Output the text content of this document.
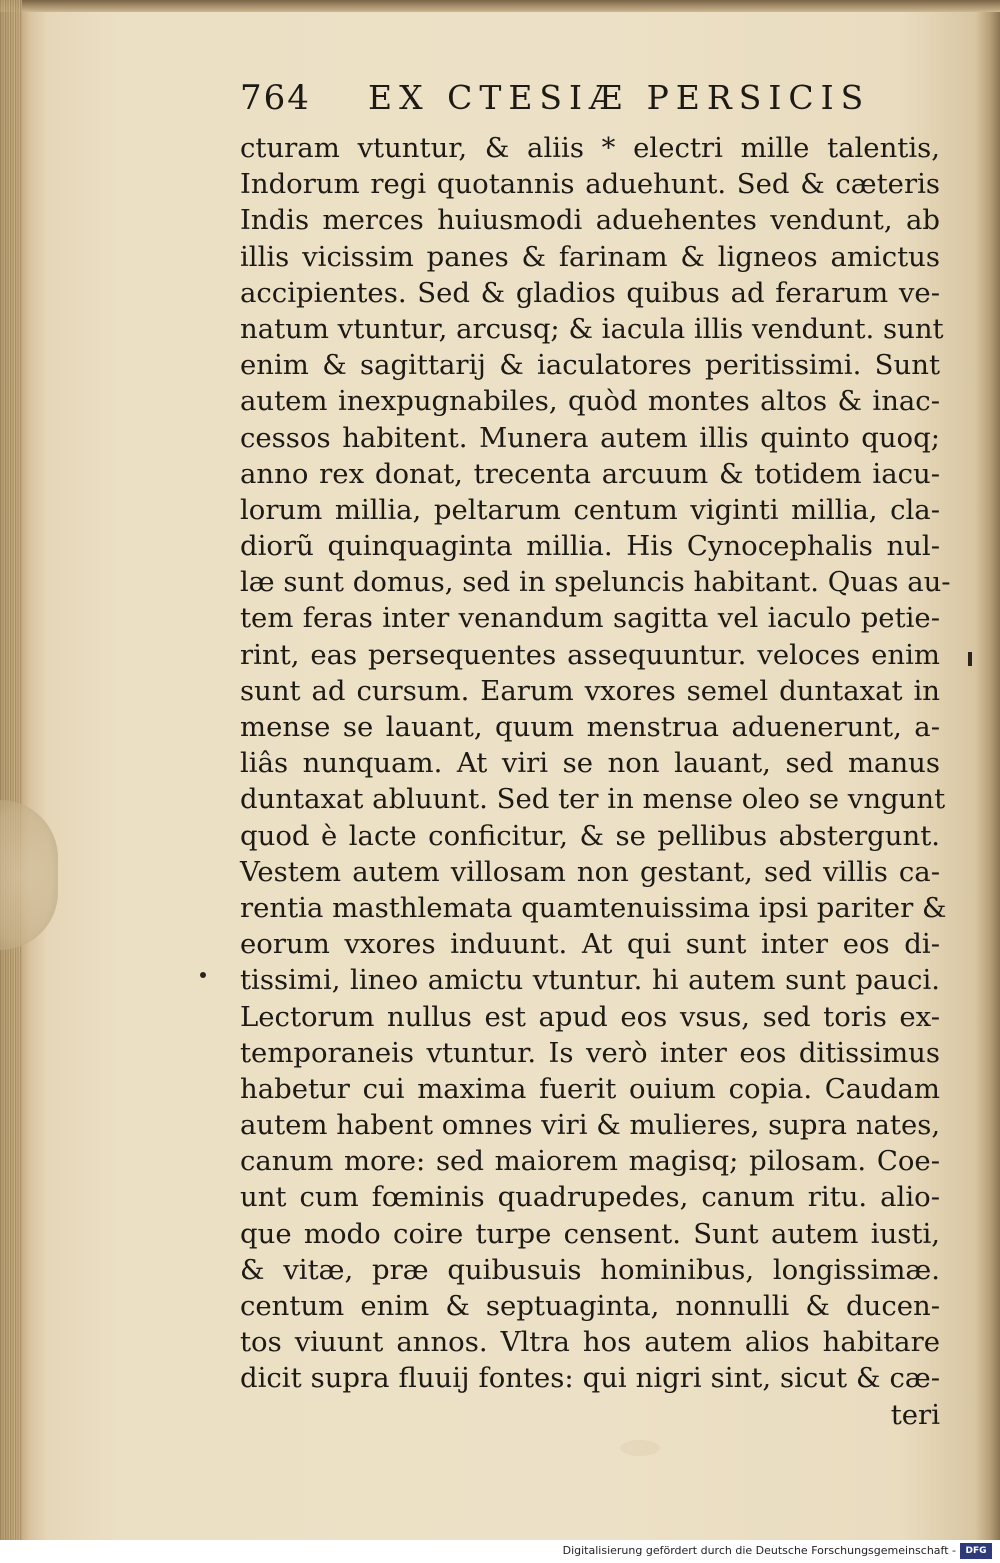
764 EX CTESIÆ PERSICIS
cturam vtuntur, & aliis * electri mille talentis,
Indorum regi quotannis aduehunt. Sed & cæteris
Indis merces huiusmodi aduehentes vendunt, ab
illis vicissim panes & farinam & ligneos amictus
accipientes. Sed & gladios quibus ad ferarum ve-
natum vtuntur, arcusq; & iacula illis vendunt. sunt
enim & sagittarij & iaculatores peritissimi. Sunt
autem inexpugnabiles, quòd montes altos & inac-
cessos habitent. Munera autem illis quinto quoq;
anno rex donat, trecenta arcuum & totidem iacu-
lorum millia, peltarum centum viginti millia, cla-
diorũ quinquaginta millia. His Cynocephalis nul-
læ sunt domus, sed in speluncis habitant. Quas au-
tem feras inter venandum sagitta vel iaculo petie-
rint, eas persequentes assequuntur. veloces enim
sunt ad cursum. Earum vxores semel duntaxat in
mense se lauant, quum menstrua aduenerunt, a-
liâs nunquam. At viri se non lauant, sed manus
duntaxat abluunt. Sed ter in mense oleo se vngunt
quod è lacte conficitur, & se pellibus abstergunt.
Vestem autem villosam non gestant, sed villis ca-
rentia masthlemata quamtenuissima ipsi pariter &
eorum vxores induunt. At qui sunt inter eos di-
tissimi, lineo amictu vtuntur. hi autem sunt pauci.
Lectorum nullus est apud eos vsus, sed toris ex-
temporaneis vtuntur. Is verò inter eos ditissimus
habetur cui maxima fuerit ouium copia. Caudam
autem habent omnes viri & mulieres, supra nates,
canum more: sed maiorem magisq; pilosam. Coe-
unt cum fœminis quadrupedes, canum ritu. alio-
que modo coire turpe censent. Sunt autem iusti,
& vitæ, præ quibusuis hominibus, longissimæ.
centum enim & septuaginta, nonnulli & ducen-
tos viuunt annos. Vltra hos autem alios habitare
dicit supra fluuij fontes: qui nigri sint, sicut & cæ-
teri
Digitalisierung gefördert durch die Deutsche Forschungsgemeinschaft -	DFG
